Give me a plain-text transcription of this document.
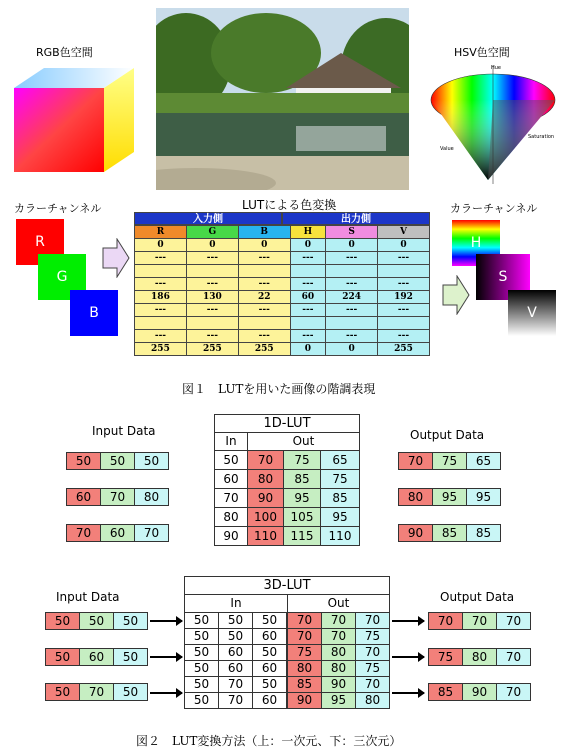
RGB色空間	HSV色空間
Hue
Value
Saturation
LUTによる色変換
カラーチャンネル	カラーチャンネル
R
G
B
入力側	出力側
R	G	B	H	S	V
0	0	0	0	0	0
---	---	---	---	---	---

---	---	---	---	---	---
186	130	22	60	224	192
---	---	---	---	---	---

---	---	---	---	---	---
255	255	255	0	0	255
H
S
V
図１　LUTを用いた画像の階調表現
Input Data	Output Data
50	50	50
60	70	80
70	60	70
70	75	65
80	95	95
90	85	85
1D-LUT
In	Out
50	70	75	65
60	80	85	75
70	90	95	85
80	100	105	95
90	110	115	110
Input Data	Output Data
50	50	50
50	60	50
50	70	50
70	70	70
75	80	70
85	90	70
3D-LUT
In	Out
50	50	50	70	70	70
50	50	60	70	70	75
50	60	50	75	80	70
50	60	60	80	80	75
50	70	50	85	90	70
50	70	60	90	95	80
図２　LUT変換方法（上：一次元、下：三次元）
